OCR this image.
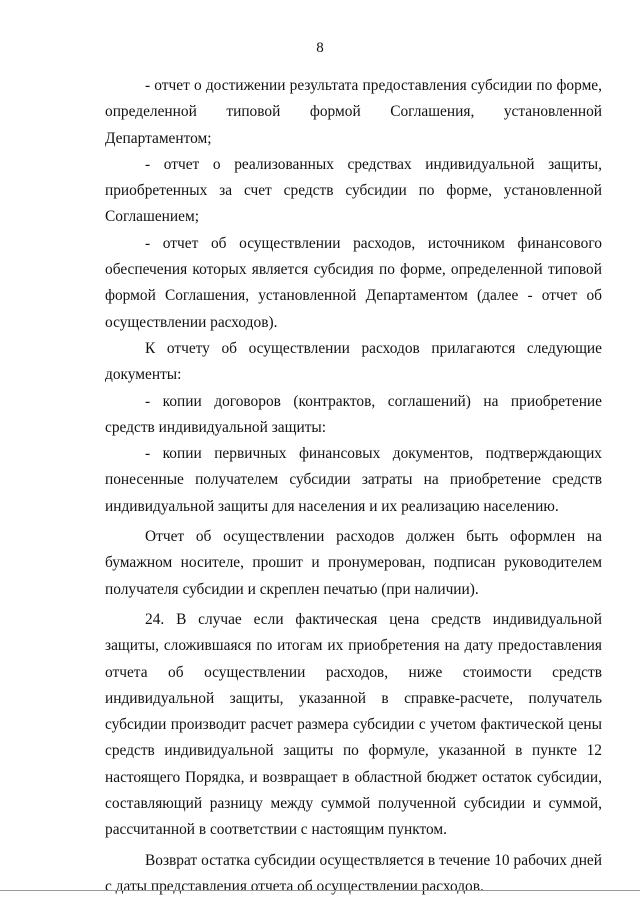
8

- отчет о достижении результата предоставления субсидии по форме, определенной типовой формой Соглашения, установленной Департаментом;

- отчет о реализованных средствах индивидуальной защиты, приобретенных за счет средств субсидии по форме, установленной Соглашением;

- отчет об осуществлении расходов, источником финансового обеспечения которых является субсидия по форме, определенной типовой формой Соглашения, установленной Департаментом (далее - отчет об осуществлении расходов).

К отчету об осуществлении расходов прилагаются следующие документы:

- копии договоров (контрактов, соглашений) на приобретение средств индивидуальной защиты:

- копии первичных финансовых документов, подтверждающих понесенные получателем субсидии затраты на приобретение средств индивидуальной защиты для населения и их реализацию населению.

Отчет об осуществлении расходов должен быть оформлен на бумажном носителе, прошит и пронумерован, подписан руководителем получателя субсидии и скреплен печатью (при наличии).

24. В случае если фактическая цена средств индивидуальной защиты, сложившаяся по итогам их приобретения на дату предоставления отчета об осуществлении расходов, ниже стоимости средств индивидуальной защиты, указанной в справке-расчете, получатель субсидии производит расчет размера субсидии с учетом фактической цены средств индивидуальной защиты по формуле, указанной в пункте 12 настоящего Порядка, и возвращает в областной бюджет остаток субсидии, составляющий разницу между суммой полученной субсидии и суммой, рассчитанной в соответствии с настоящим пунктом.

Возврат остатка субсидии осуществляется в течение 10 рабочих дней с даты представления отчета об осуществлении расходов.
